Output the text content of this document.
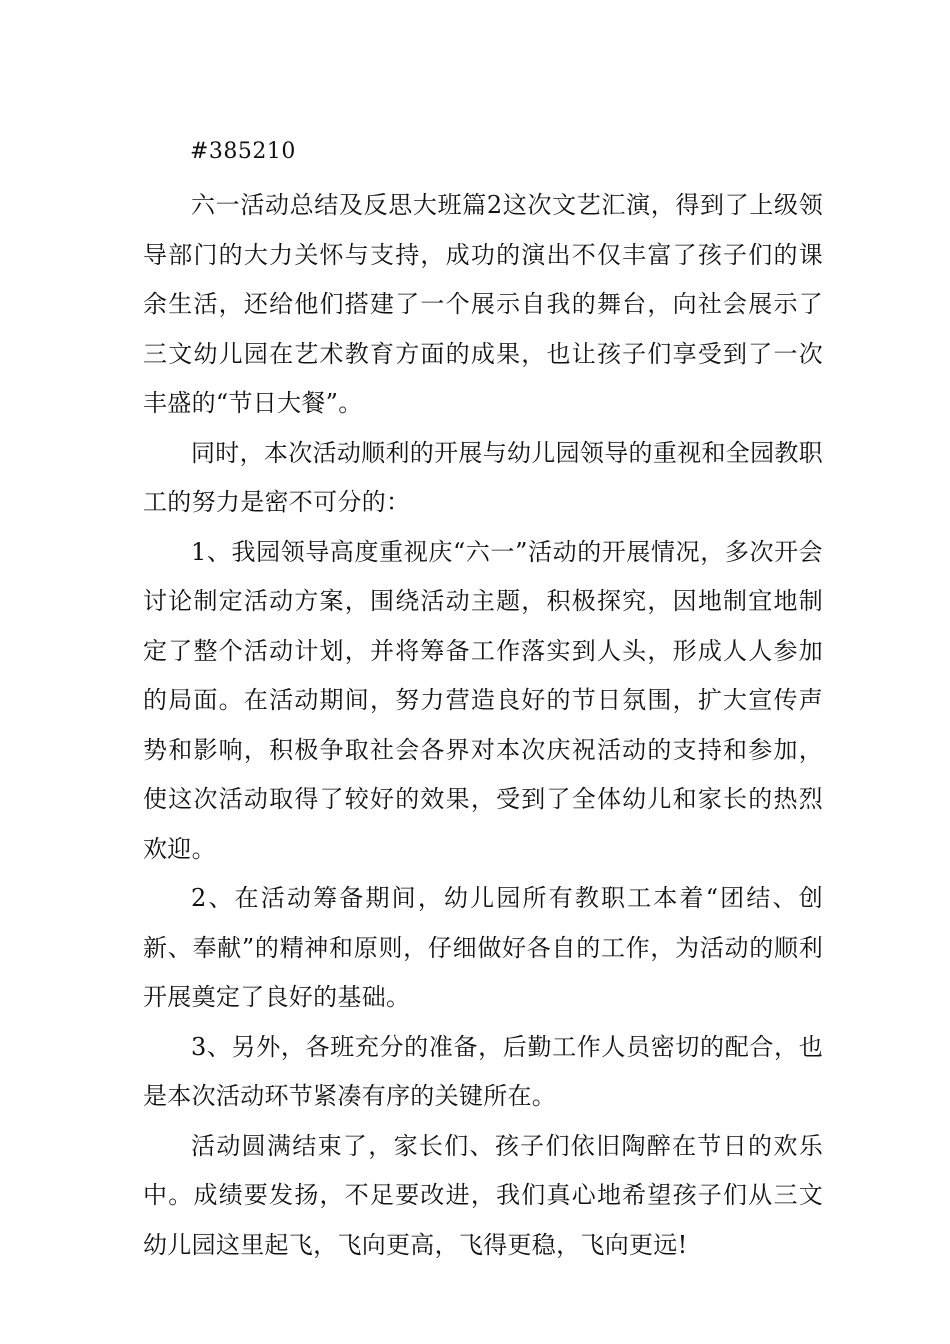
#385210

六一活动总结及反思大班篇2这次文艺汇演，得到了上级领导部门的大力关怀与支持，成功的演出不仅丰富了孩子们的课余生活，还给他们搭建了一个展示自我的舞台，向社会展示了三文幼儿园在艺术教育方面的成果，也让孩子们享受到了一次丰盛的“节日大餐”。

同时，本次活动顺利的开展与幼儿园领导的重视和全园教职工的努力是密不可分的：

1、我园领导高度重视庆“六一”活动的开展情况，多次开会讨论制定活动方案，围绕活动主题，积极探究，因地制宜地制定了整个活动计划，并将筹备工作落实到人头，形成人人参加的局面。在活动期间，努力营造良好的节日氛围，扩大宣传声势和影响，积极争取社会各界对本次庆祝活动的支持和参加，使这次活动取得了较好的效果，受到了全体幼儿和家长的热烈欢迎。

2、在活动筹备期间，幼儿园所有教职工本着“团结、创新、奉献”的精神和原则，仔细做好各自的工作，为活动的顺利开展奠定了良好的基础。

3、另外，各班充分的准备，后勤工作人员密切的配合，也是本次活动环节紧凑有序的关键所在。

活动圆满结束了，家长们、孩子们依旧陶醉在节日的欢乐中。成绩要发扬，不足要改进，我们真心地希望孩子们从三文幼儿园这里起飞，飞向更高，飞得更稳，飞向更远!
